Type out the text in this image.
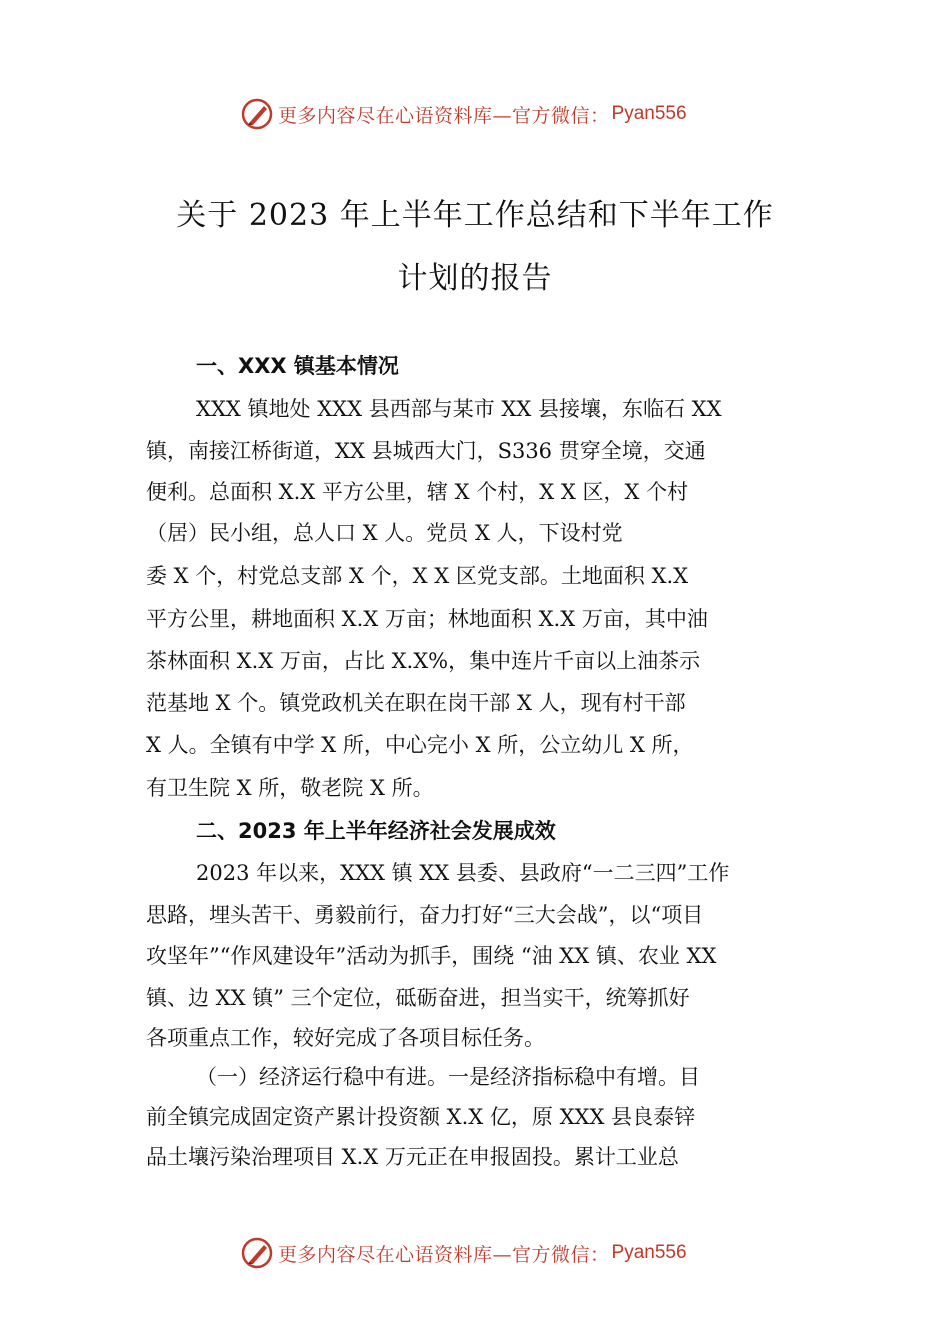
更多内容尽在心语资料库—官方微信： Pyan556
关于 2023 年上半年工作总结和下半年工作
计划的报告
一、XXX 镇基本情况
XXX 镇地处 XXX 县西部与某市 XX 县接壤，东临石 XX
镇，南接江桥街道，XX 县城西大门，S336 贯穿全境，交通
便利。总面积 X.X 平方公里，辖 X 个村，X X 区，X 个村
（居）民小组，总人口 X 人。党员 X 人，下设村党
委 X 个，村党总支部 X 个，X X 区党支部。土地面积 X.X
平方公里，耕地面积 X.X 万亩；林地面积 X.X 万亩，其中油
茶林面积 X.X 万亩，占比 X.X%，集中连片千亩以上油茶示
范基地 X 个。镇党政机关在职在岗干部 X 人，现有村干部
X 人。全镇有中学 X 所，中心完小 X 所，公立幼儿 X 所，
有卫生院 X 所，敬老院 X 所。
二、2023 年上半年经济社会发展成效
2023 年以来，XXX 镇 XX 县委、县政府“一二三四”工作
思路，埋头苦干、勇毅前行，奋力打好“三大会战”，以“项目
攻坚年”“作风建设年”活动为抓手，围绕 “油 XX 镇、农业 XX
镇、边 XX 镇” 三个定位，砥砺奋进，担当实干，统筹抓好
各项重点工作，较好完成了各项目标任务。
（一）经济运行稳中有进。一是经济指标稳中有增。目
前全镇完成固定资产累计投资额 X.X 亿，原 XXX 县良泰锌
品土壤污染治理项目 X.X 万元正在申报固投。累计工业总
更多内容尽在心语资料库—官方微信： Pyan556
